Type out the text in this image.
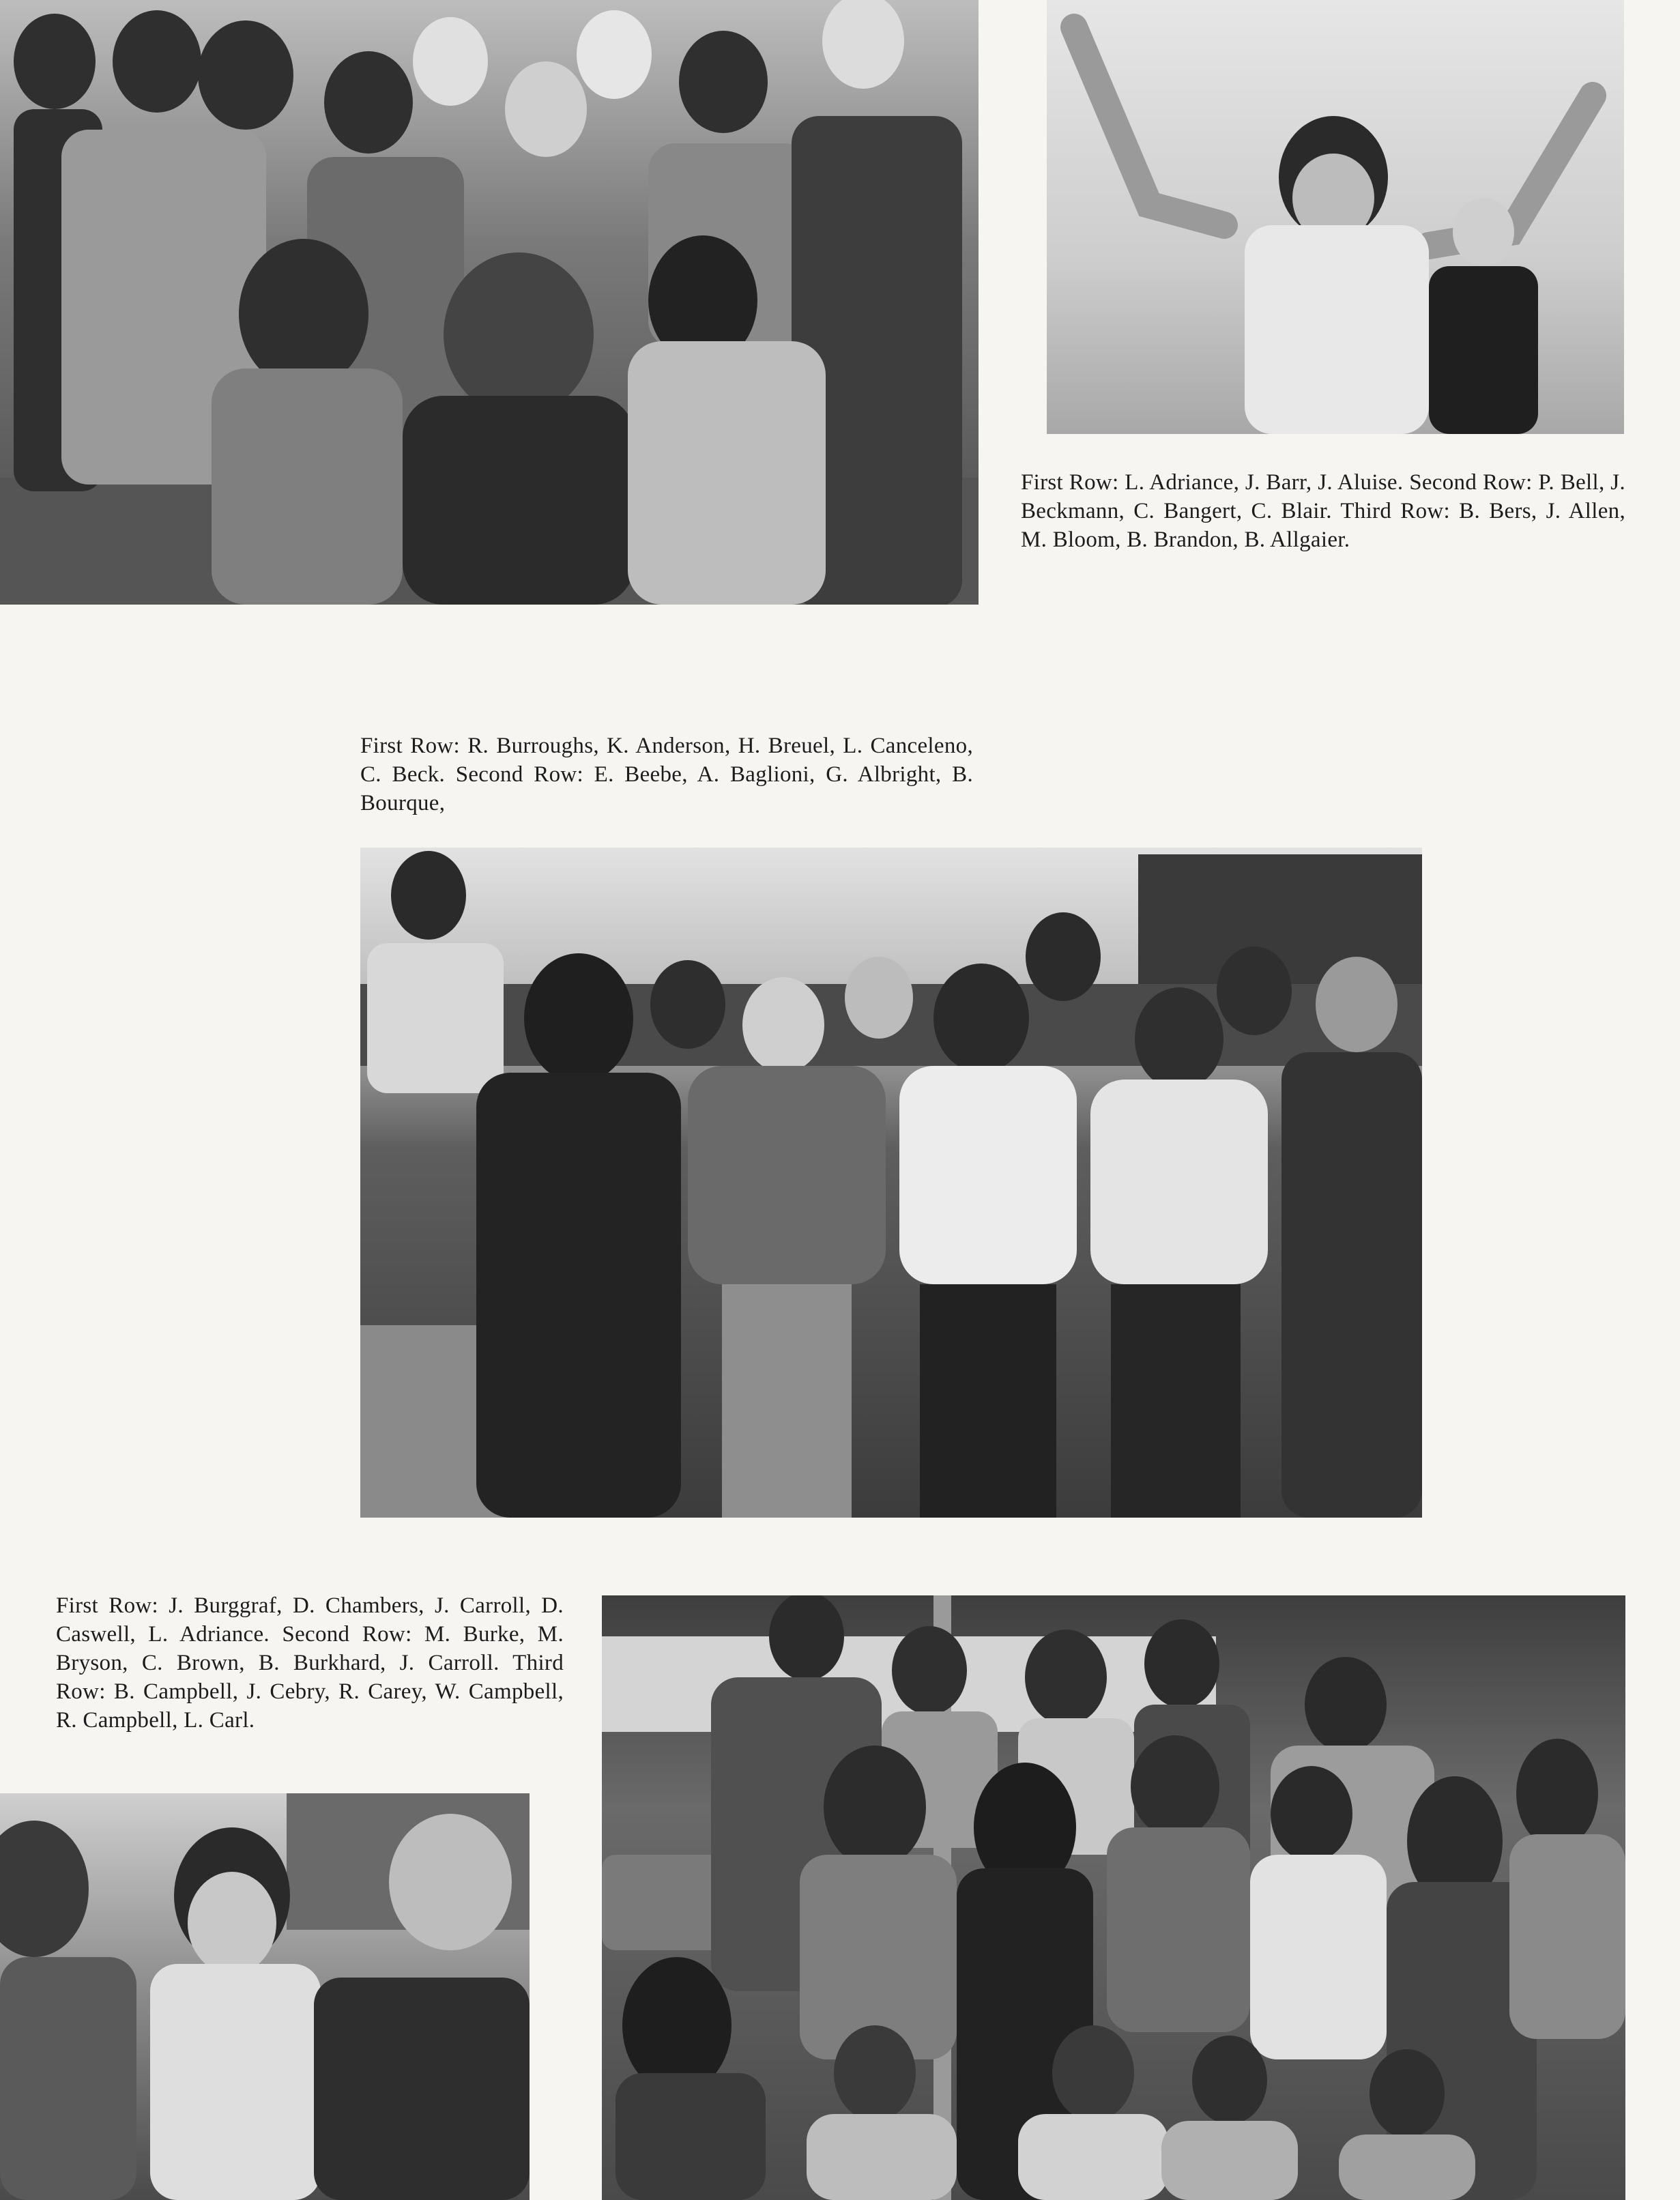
First Row: L. Adriance, J. Barr, J. Aluise. Second Row: P. Bell, J. Beckmann, C. Bangert, C. Blair. Third Row: B. Bers, J. Allen, M. Bloom, B. Brandon, B. Allgaier.

First Row: R. Burroughs, K. Anderson, H. Breuel, L. Canceleno, C. Beck. Second Row: E. Beebe, A. Baglioni, G. Albright, B. Bourque,

First Row: J. Burggraf, D. Chambers, J. Carroll, D. Caswell, L. Adriance. Second Row: M. Burke, M. Bryson, C. Brown, B. Burkhard, J. Carroll. Third Row: B. Campbell, J. Cebry, R. Carey, W. Campbell, R. Campbell, L. Carl.
